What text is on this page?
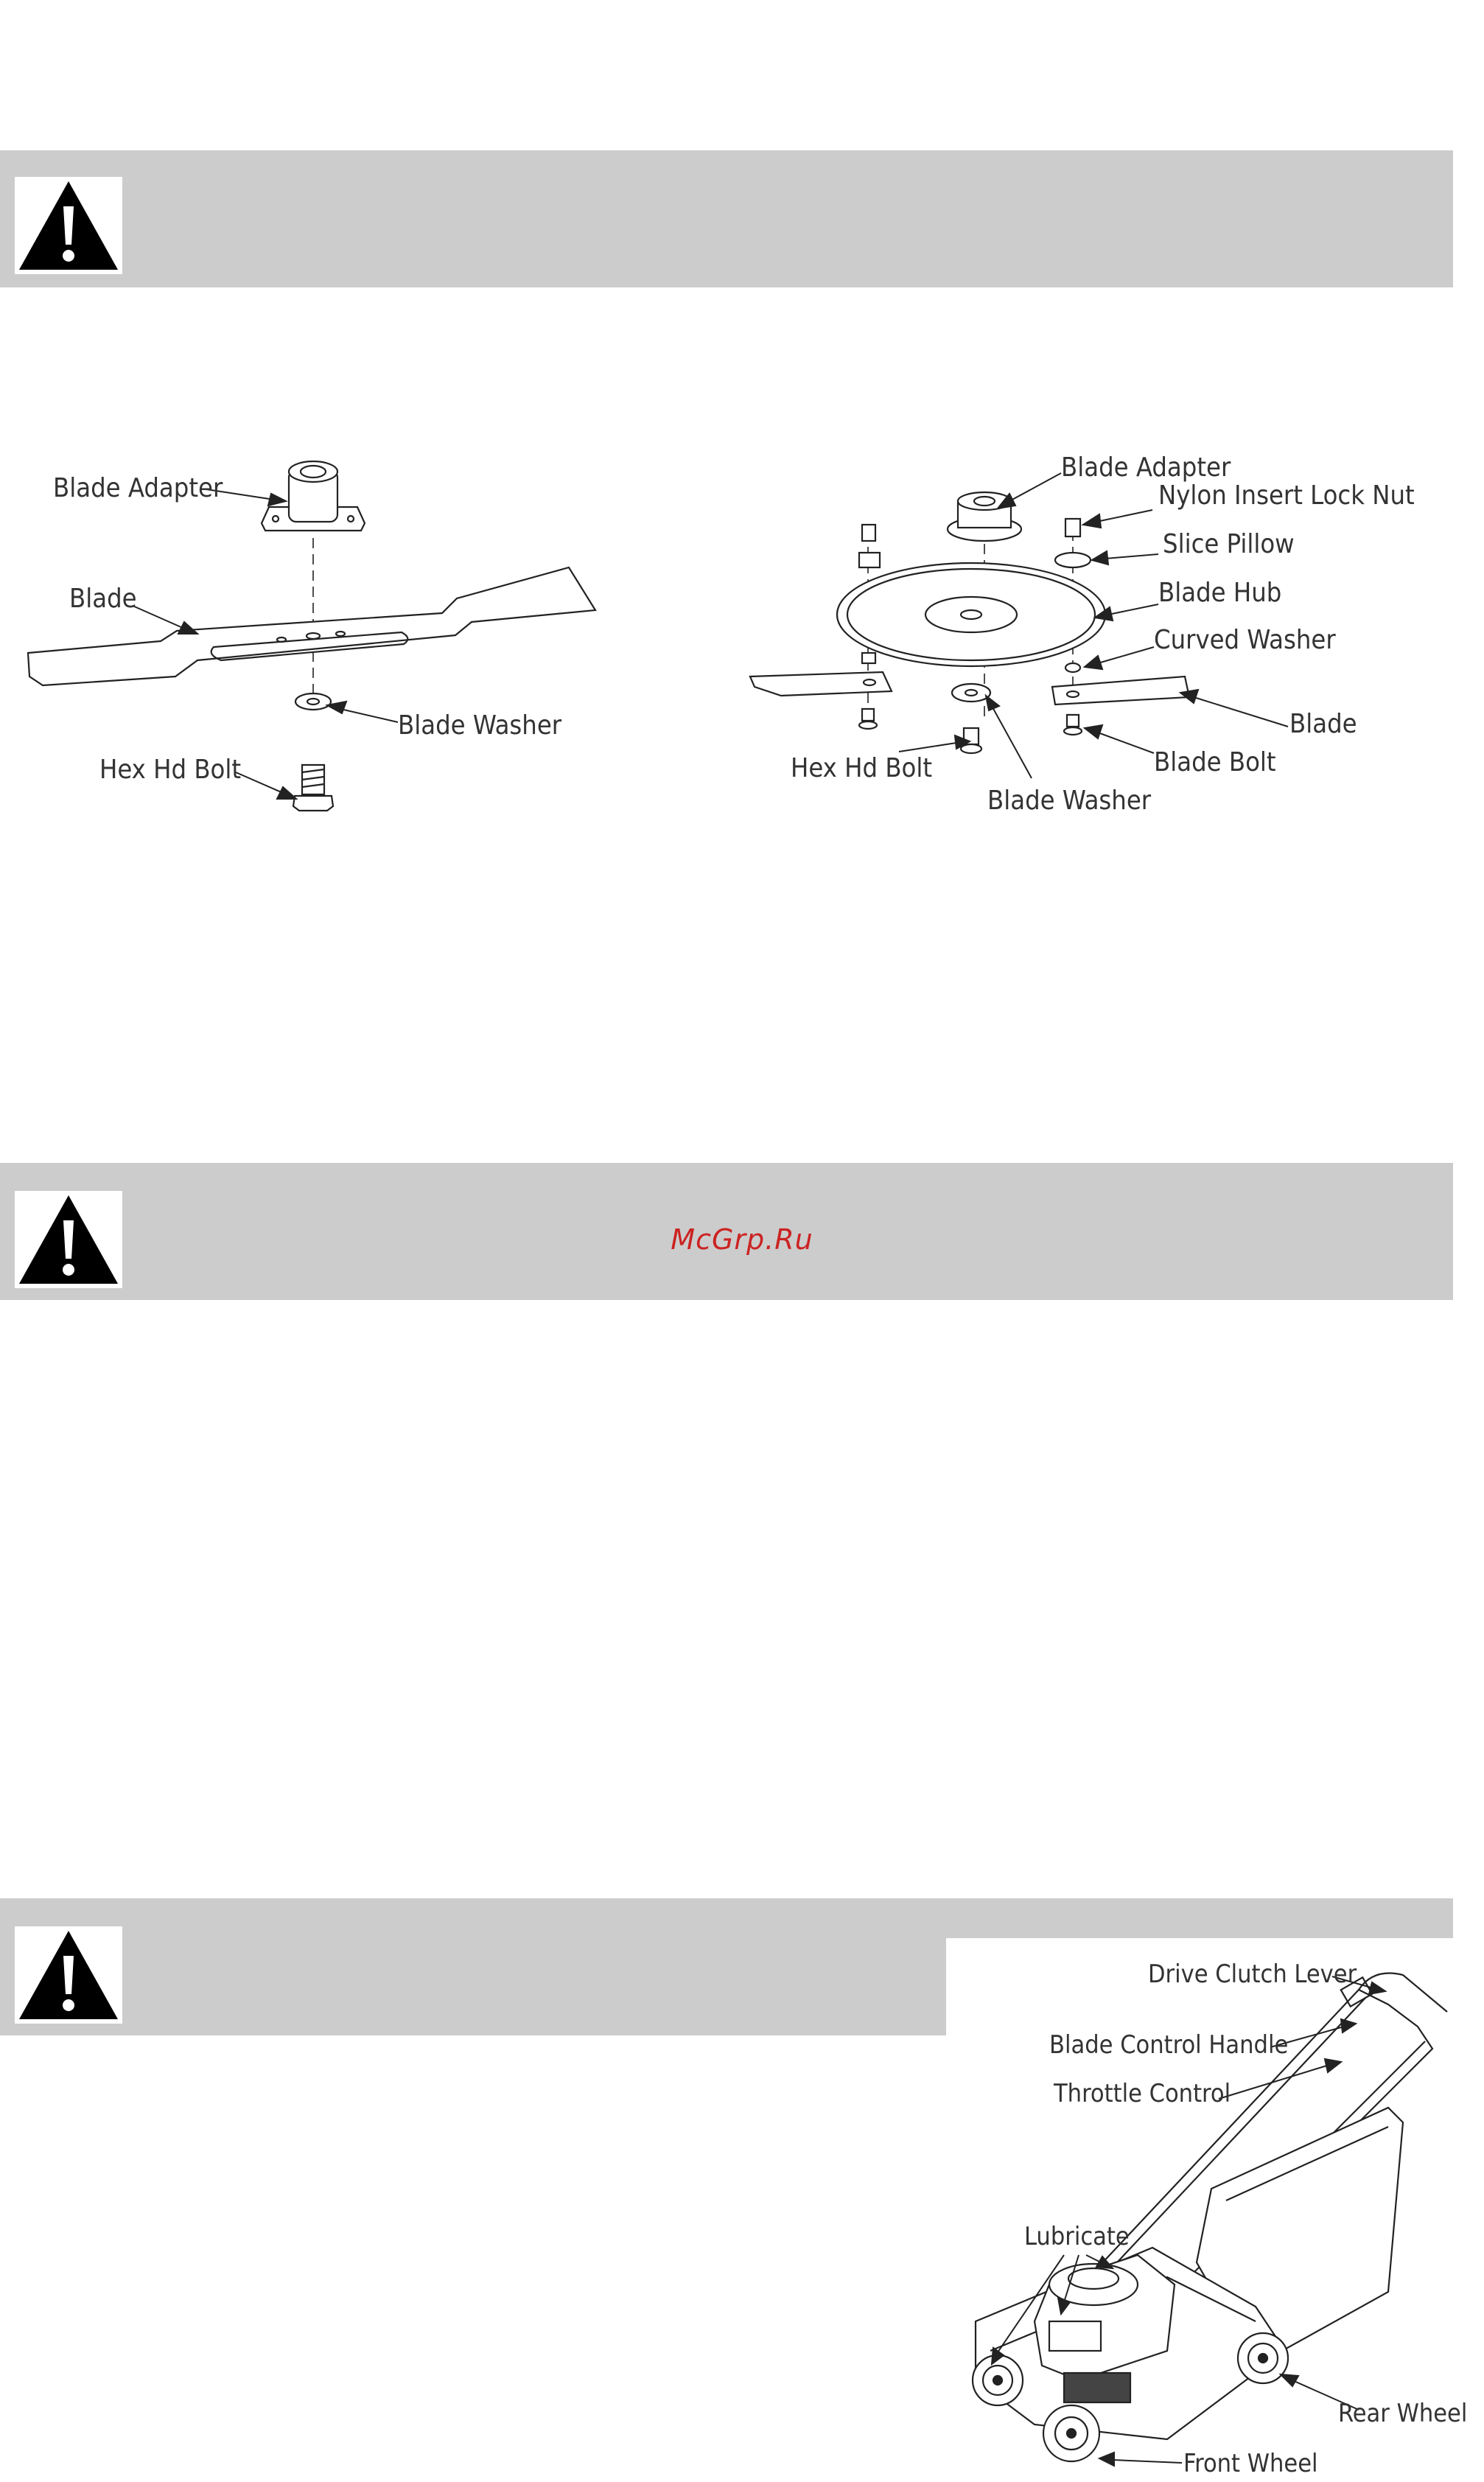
Blade Adapter
Blade
Blade Washer
Hex Hd Bolt
Blade Adapter
Nylon Insert Lock Nut
Slice Pillow
Blade Hub
Curved Washer
Blade
Blade Bolt
Hex Hd Bolt
Blade Washer
McGrp.Ru
Drive Clutch Lever
Blade Control Handle
Throttle Control
Lubricate
Rear Wheel
Front Wheel
